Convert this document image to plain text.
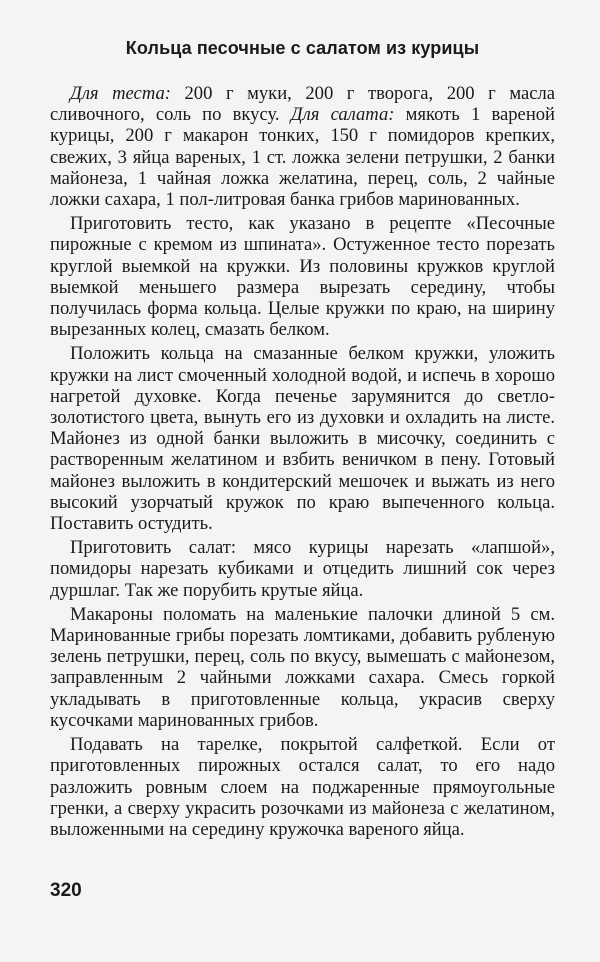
Кольца песочные с салатом из курицы

Для теста: 200 г муки, 200 г творога, 200 г масла сливочного, соль по вкусу. Для салата: мякоть 1 вареной курицы, 200 г макарон тонких, 150 г помидоров крепких, свежих, 3 яйца вареных, 1 ст. ложка зелени петрушки, 2 банки майонеза, 1 чайная ложка желатина, перец, соль, 2 чайные ложки сахара, 1 пол-литровая банка грибов маринованных.

Приготовить тесто, как указано в рецепте «Песочные пирожные с кремом из шпината». Остуженное тесто порезать круглой выемкой на кружки. Из половины кружков круглой выемкой меньшего размера вырезать середину, чтобы получилась форма кольца. Целые кружки по краю, на ширину вырезанных колец, смазать белком.

Положить кольца на смазанные белком кружки, уложить кружки на лист смоченный холодной водой, и испечь в хорошо нагретой духовке. Когда печенье зарумянится до светло-золотистого цвета, вынуть его из духовки и охладить на листе. Майонез из одной банки выложить в мисочку, соединить с растворенным желатином и взбить веничком в пену. Готовый майонез выложить в кондитерский мешочек и выжать из него высокий узорчатый кружок по краю выпеченного кольца. Поставить остудить.

Приготовить салат: мясо курицы нарезать «лапшой», помидоры нарезать кубиками и отцедить лишний сок через дуршлаг. Так же порубить крутые яйца.

Макароны поломать на маленькие палочки длиной 5 см. Маринованные грибы порезать ломтиками, добавить рубленую зелень петрушки, перец, соль по вкусу, вымешать с майонезом, заправленным 2 чайными ложками сахара. Смесь горкой укладывать в приготовленные кольца, украсив сверху кусочками маринованных грибов.

Подавать на тарелке, покрытой салфеткой. Если от приготовленных пирожных остался салат, то его надо разложить ровным слоем на поджаренные прямоугольные гренки, а сверху украсить розочками из майонеза с желатином, выложенными на середину кружочка вареного яйца.

320
